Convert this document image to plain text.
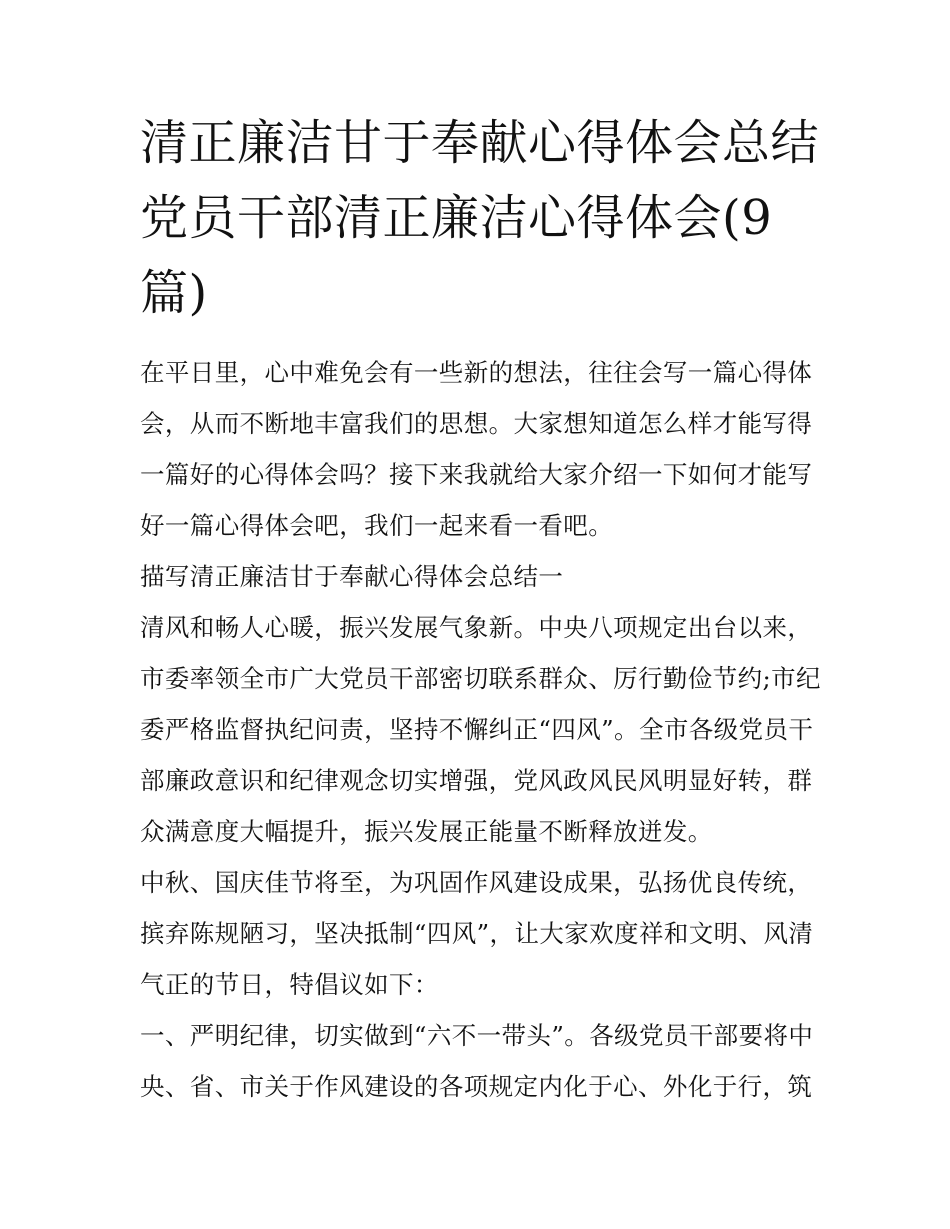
清正廉洁甘于奉献心得体会总结 党员干部清正廉洁心得体会(9篇)

在平日里，心中难免会有一些新的想法，往往会写一篇心得体会，从而不断地丰富我们的思想。大家想知道怎么样才能写得一篇好的心得体会吗？接下来我就给大家介绍一下如何才能写好一篇心得体会吧，我们一起来看一看吧。

描写清正廉洁甘于奉献心得体会总结一

清风和畅人心暖，振兴发展气象新。中央八项规定出台以来，市委率领全市广大党员干部密切联系群众、厉行勤俭节约;市纪委严格监督执纪问责，坚持不懈纠正“四风”。全市各级党员干部廉政意识和纪律观念切实增强，党风政风民风明显好转，群众满意度大幅提升，振兴发展正能量不断释放迸发。

中秋、国庆佳节将至，为巩固作风建设成果，弘扬优良传统，摈弃陈规陋习，坚决抵制“四风”，让大家欢度祥和文明、风清气正的节日，特倡议如下：

一、严明纪律，切实做到“六不一带头”。各级党员干部要将中央、省、市关于作风建设的各项规定内化于心、外化于行，筑
